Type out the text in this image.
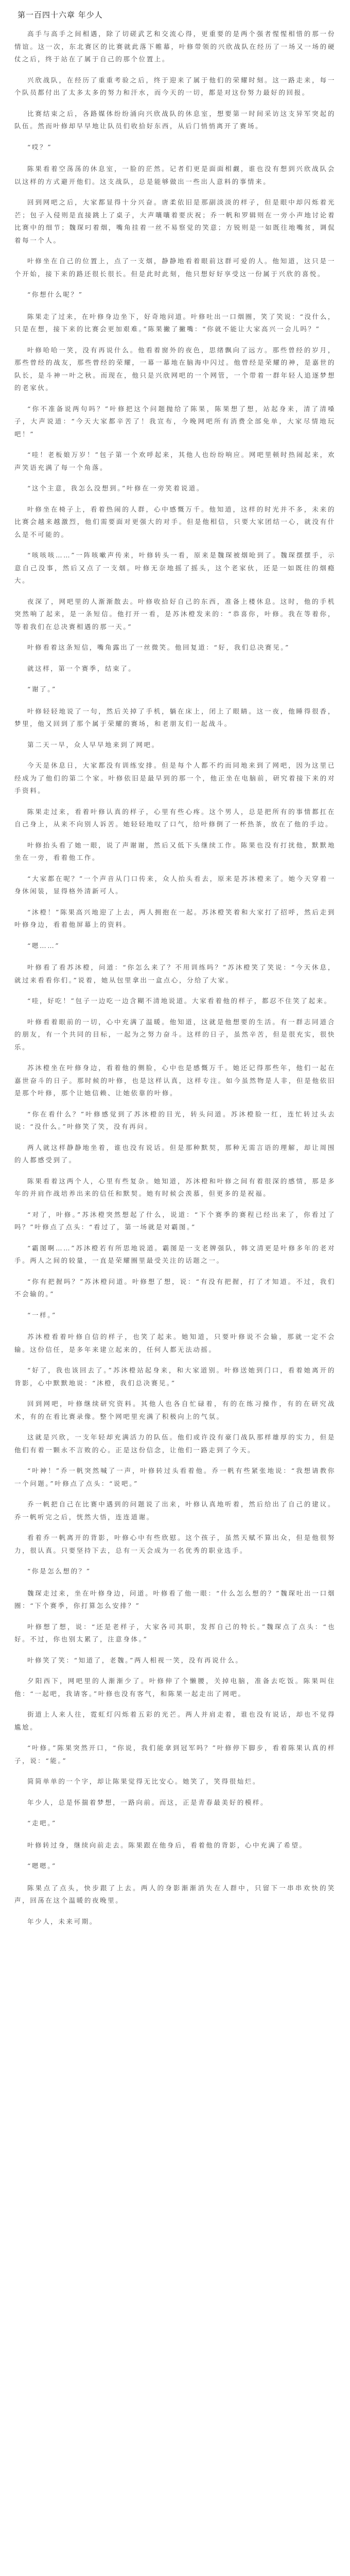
第一百四十六章 年少人

高手与高手之间相遇，除了切磋武艺和交流心得，更重要的是两个强者惺惺相惜的那一份情谊。这一次，东北赛区的比赛就此落下帷幕，叶修带领的兴欣战队在经历了一场又一场的硬仗之后，终于站在了属于自己的那个位置上。

兴欣战队，在经历了重重考验之后，终于迎来了属于他们的荣耀时刻。这一路走来，每一个队员都付出了太多太多的努力和汗水，而今天的一切，都是对这份努力最好的回报。

比赛结束之后，各路媒体纷纷涌向兴欣战队的休息室，想要第一时间采访这支异军突起的队伍。然而叶修却早早地让队员们收拾好东西，从后门悄悄离开了赛场。

“哎？”

陈果看着空荡荡的休息室，一脸的茫然。记者们更是面面相觑，谁也没有想到兴欣战队会以这样的方式避开他们。这支战队，总是能够做出一些出人意料的事情来。

回到网吧之后，大家都显得十分兴奋。唐柔依旧是那副淡淡的样子，但是眼中却闪烁着光芒；包子入侵则是直接跳上了桌子，大声嚷嚷着要庆祝；乔一帆和罗辑则在一旁小声地讨论着比赛中的细节；魏琛叼着烟，嘴角挂着一丝不易察觉的笑意；方锐则是一如既往地嘴贫，调侃着每一个人。

叶修坐在自己的位置上，点了一支烟，静静地看着眼前这群可爱的人。他知道，这只是一个开始，接下来的路还很长很长。但是此时此刻，他只想好好享受这一份属于兴欣的喜悦。

“你想什么呢？”

陈果走了过来，在叶修身边坐下，好奇地问道。叶修吐出一口烟圈，笑了笑说：“没什么，只是在想，接下来的比赛会更加艰难。”陈果撇了撇嘴：“你就不能让大家高兴一会儿吗？”

叶修哈哈一笑，没有再说什么。他看着窗外的夜色，思绪飘向了远方。那些曾经的岁月，那些曾经的战友，那些曾经的荣耀，一幕一幕地在脑海中闪过。他曾经是荣耀的神，是嘉世的队长，是斗神一叶之秋。而现在，他只是兴欣网吧的一个网管，一个带着一群年轻人追逐梦想的老家伙。

“你不准备说两句吗？”叶修把这个问题抛给了陈果，陈果想了想，站起身来，清了清嗓子，大声说道：“今天大家都辛苦了！我宣布，今晚网吧所有消费全部免单，大家尽情地玩吧！”

“哇！老板娘万岁！”包子第一个欢呼起来，其他人也纷纷响应。网吧里顿时热闹起来，欢声笑语充满了每一个角落。

“这个主意，我怎么没想到。”叶修在一旁笑着说道。

叶修坐在椅子上，看着热闹的人群，心中感慨万千。他知道，这样的时光并不多，未来的比赛会越来越激烈，他们需要面对更强大的对手。但是他相信，只要大家团结一心，就没有什么是不可能的。

“咳咳咳……”一阵咳嗽声传来，叶修转头一看，原来是魏琛被烟呛到了。魏琛摆摆手，示意自己没事，然后又点了一支烟。叶修无奈地摇了摇头，这个老家伙，还是一如既往的烟瘾大。

夜深了，网吧里的人渐渐散去。叶修收拾好自己的东西，准备上楼休息。这时，他的手机突然响了起来，是一条短信。他打开一看，是苏沐橙发来的：“恭喜你，叶修。我在等着你，等着我们在总决赛相遇的那一天。”

叶修看着这条短信，嘴角露出了一丝微笑。他回复道：“好，我们总决赛见。”

就这样，第一个赛季，结束了。

“谢了。”

叶修轻轻地说了一句，然后关掉了手机，躺在床上，闭上了眼睛。这一夜，他睡得很香，梦里，他又回到了那个属于荣耀的赛场，和老朋友们一起战斗。

第二天一早，众人早早地来到了网吧。

今天是休息日，大家都没有训练安排。但是每个人都不约而同地来到了网吧，因为这里已经成为了他们的第二个家。叶修依旧是最早到的那一个，他正坐在电脑前，研究着接下来的对手资料。

陈果走过来，看着叶修认真的样子，心里有些心疼。这个男人，总是把所有的事情都扛在自己身上，从来不向别人诉苦。她轻轻地叹了口气，给叶修倒了一杯热茶，放在了他的手边。

叶修抬头看了她一眼，说了声谢谢，然后又低下头继续工作。陈果也没有打扰他，默默地坐在一旁，看着他工作。

“大家都在呢？”一个声音从门口传来，众人抬头看去，原来是苏沐橙来了。她今天穿着一身休闲装，显得格外清新可人。

“沐橙！”陈果高兴地迎了上去，两人拥抱在一起。苏沐橙笑着和大家打了招呼，然后走到叶修身边，看着他屏幕上的资料。

“嗯……”

叶修看了看苏沐橙，问道：“你怎么来了？不用训练吗？”苏沐橙笑了笑说：“今天休息，就过来看看你们。”说着，她从包里拿出一盒点心，分给了大家。

“哇，好吃！”包子一边吃一边含糊不清地说道。大家看着他的样子，都忍不住笑了起来。

叶修看着眼前的一切，心中充满了温暖。他知道，这就是他想要的生活。有一群志同道合的朋友，有一个共同的目标，一起为之努力奋斗。这样的日子，虽然辛苦，但是很充实，很快乐。

苏沐橙坐在叶修身边，看着他的侧脸，心中也是感慨万千。她还记得那些年，他们一起在嘉世奋斗的日子。那时候的叶修，也是这样认真，这样专注。如今虽然物是人非，但是他依旧是那个叶修，那个让她信赖、让她依靠的叶修。

“你在看什么？”叶修感觉到了苏沐橙的目光，转头问道。苏沐橙脸一红，连忙转过头去说：“没什么。”叶修笑了笑，没有再问。

两人就这样静静地坐着，谁也没有说话。但是那种默契，那种无需言语的理解，却让周围的人都感受到了。

陈果看着这两个人，心里有些复杂。她知道，苏沐橙和叶修之间有着很深的感情，那是多年的并肩作战培养出来的信任和默契。她有时候会羡慕，但更多的是祝福。

“对了，叶修。”苏沐橙突然想起了什么，说道：“下个赛季的赛程已经出来了，你看过了吗？”叶修点了点头：“看过了，第一场就是对霸图。”

“霸图啊……”苏沐橙若有所思地说道。霸图是一支老牌强队，韩文清更是叶修多年的老对手。两人之间的较量，一直是荣耀圈里最受关注的话题之一。

“你有把握吗？”苏沐橙问道。叶修想了想，说：“有没有把握，打了才知道。不过，我们不会输的。”

“一样。”

苏沐橙看着叶修自信的样子，也笑了起来。她知道，只要叶修说不会输，那就一定不会输。这份信任，是多年来建立起来的，任何人都无法动摇。

“好了，我也该回去了。”苏沐橙站起身来，和大家道别。叶修送她到门口，看着她离开的背影，心中默默地说：“沐橙，我们总决赛见。”

回到网吧，叶修继续研究资料。其他人也各自忙碌着，有的在练习操作，有的在研究战术，有的在看比赛录像。整个网吧里充满了积极向上的气氛。

这就是兴欣，一支年轻却充满活力的队伍。他们或许没有豪门战队那样雄厚的实力，但是他们有着一颗永不言败的心。正是这份信念，让他们一路走到了今天。

“叶神！”乔一帆突然喊了一声，叶修转过头看着他。乔一帆有些紧张地说：“我想请教你一个问题。”叶修点了点头：“说吧。”

乔一帆把自己在比赛中遇到的问题说了出来，叶修认真地听着，然后给出了自己的建议。乔一帆听完之后，恍然大悟，连连道谢。

看着乔一帆离开的背影，叶修心中有些欣慰。这个孩子，虽然天赋不算出众，但是他很努力，很认真。只要坚持下去，总有一天会成为一名优秀的职业选手。

“你是怎么想的？”

魏琛走过来，坐在叶修身边，问道。叶修看了他一眼：“什么怎么想的？”魏琛吐出一口烟圈：“下个赛季，你打算怎么安排？”

叶修想了想，说：“还是老样子，大家各司其职，发挥自己的特长。”魏琛点了点头：“也好。不过，你也别太累了，注意身体。”

叶修笑了笑：“知道了，老魏。”两人相视一笑，没有再说什么。

夕阳西下，网吧里的人渐渐少了。叶修伸了个懒腰，关掉电脑，准备去吃饭。陈果叫住他：“一起吧，我请客。”叶修也没有客气，和陈果一起走出了网吧。

街道上人来人往，霓虹灯闪烁着五彩的光芒。两人并肩走着，谁也没有说话，却也不觉得尴尬。

“叶修。”陈果突然开口，“你说，我们能拿到冠军吗？”叶修停下脚步，看着陈果认真的样子，说：“能。”

简简单单的一个字，却让陈果觉得无比安心。她笑了，笑得很灿烂。

年少人，总是怀揣着梦想，一路向前。而这，正是青春最美好的模样。

“走吧。”

叶修转过身，继续向前走去。陈果跟在他身后，看着他的背影，心中充满了希望。

“嗯嗯。”

陈果点了点头，快步跟了上去。两人的身影渐渐消失在人群中，只留下一串串欢快的笑声，回荡在这个温暖的夜晚里。

年少人，未来可期。
